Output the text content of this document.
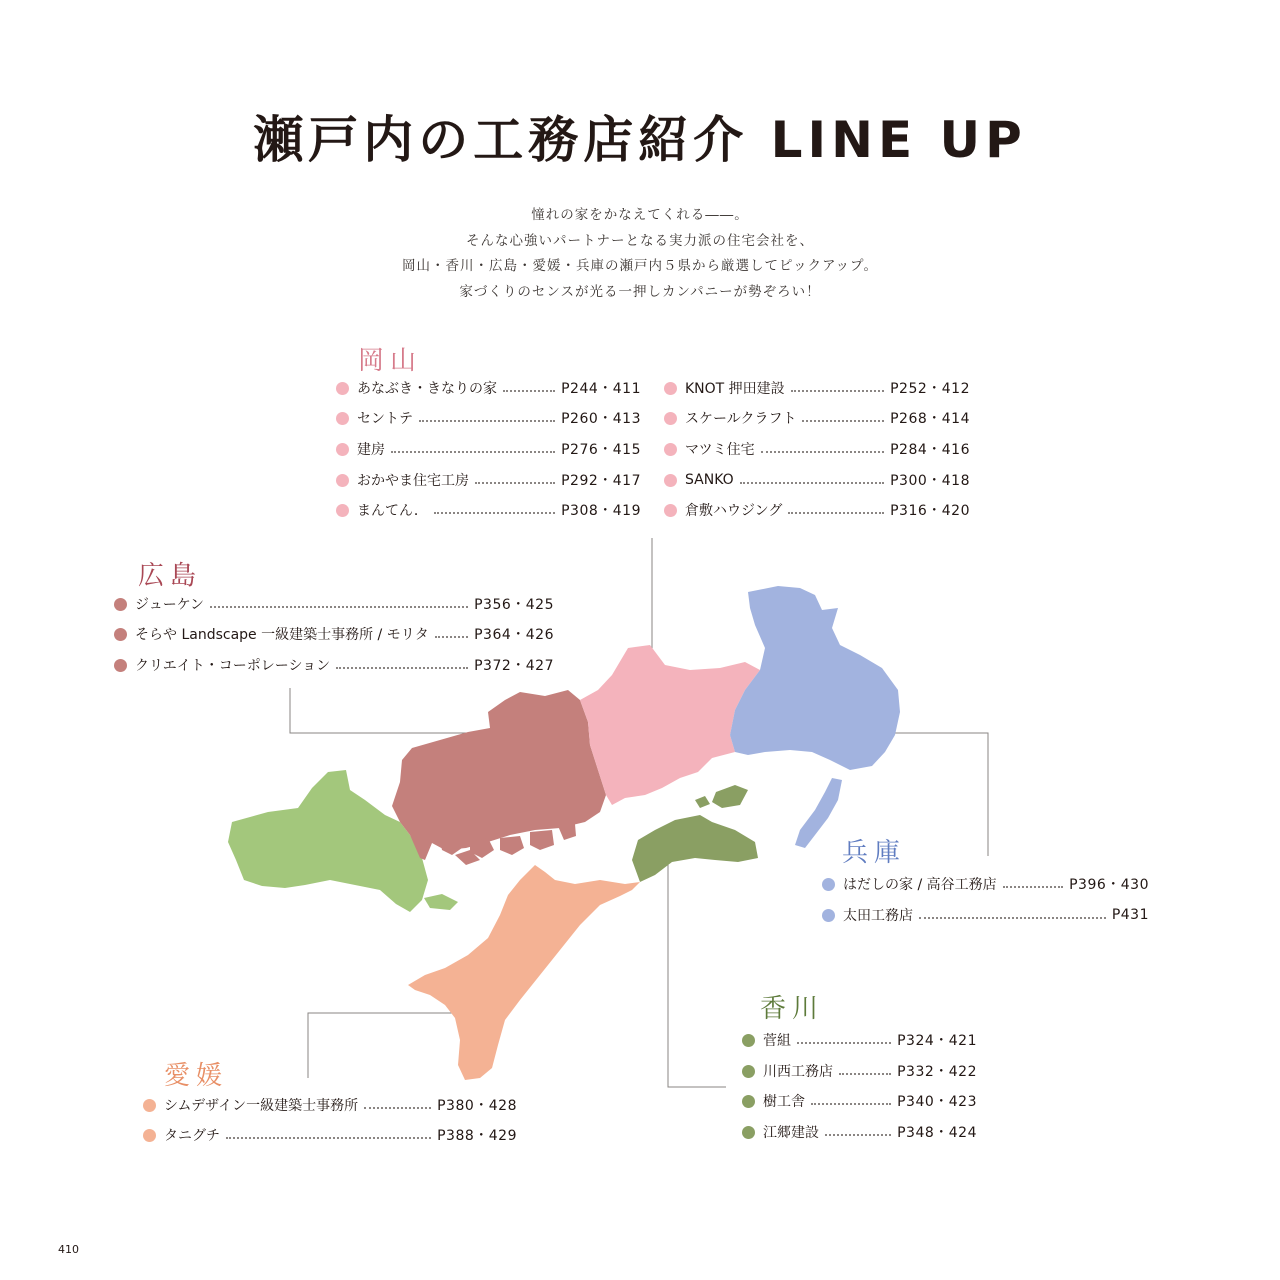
瀬戸内の工務店紹介 LINE UP
憧れの家をかなえてくれる――。
そんな心強いパートナーとなる実力派の住宅会社を、
岡山・香川・広島・愛媛・兵庫の瀬戸内５県から厳選してピックアップ。
家づくりのセンスが光る一押しカンパニーが勢ぞろい！
岡山
あなぶき・きなりの家	P244・411
セントテ	P260・413
建房	P276・415
おかやま住宅工房	P292・417
まんてん．	P308・419
KNOT 押田建設	P252・412
スケールクラフト	P268・414
マツミ住宅	P284・416
SANKO	P300・418
倉敷ハウジング	P316・420
広島
ジューケン	P356・425
そらや Landscape 一級建築士事務所 / モリタ	P364・426
クリエイト・コーポレーション	P372・427
兵庫
はだしの家 / 高谷工務店	P396・430
太田工務店	P431
香川
菅組	P324・421
川西工務店	P332・422
樹工舎	P340・423
江郷建設	P348・424
愛媛
シムデザイン一級建築士事務所	P380・428
タニグチ	P388・429
410
